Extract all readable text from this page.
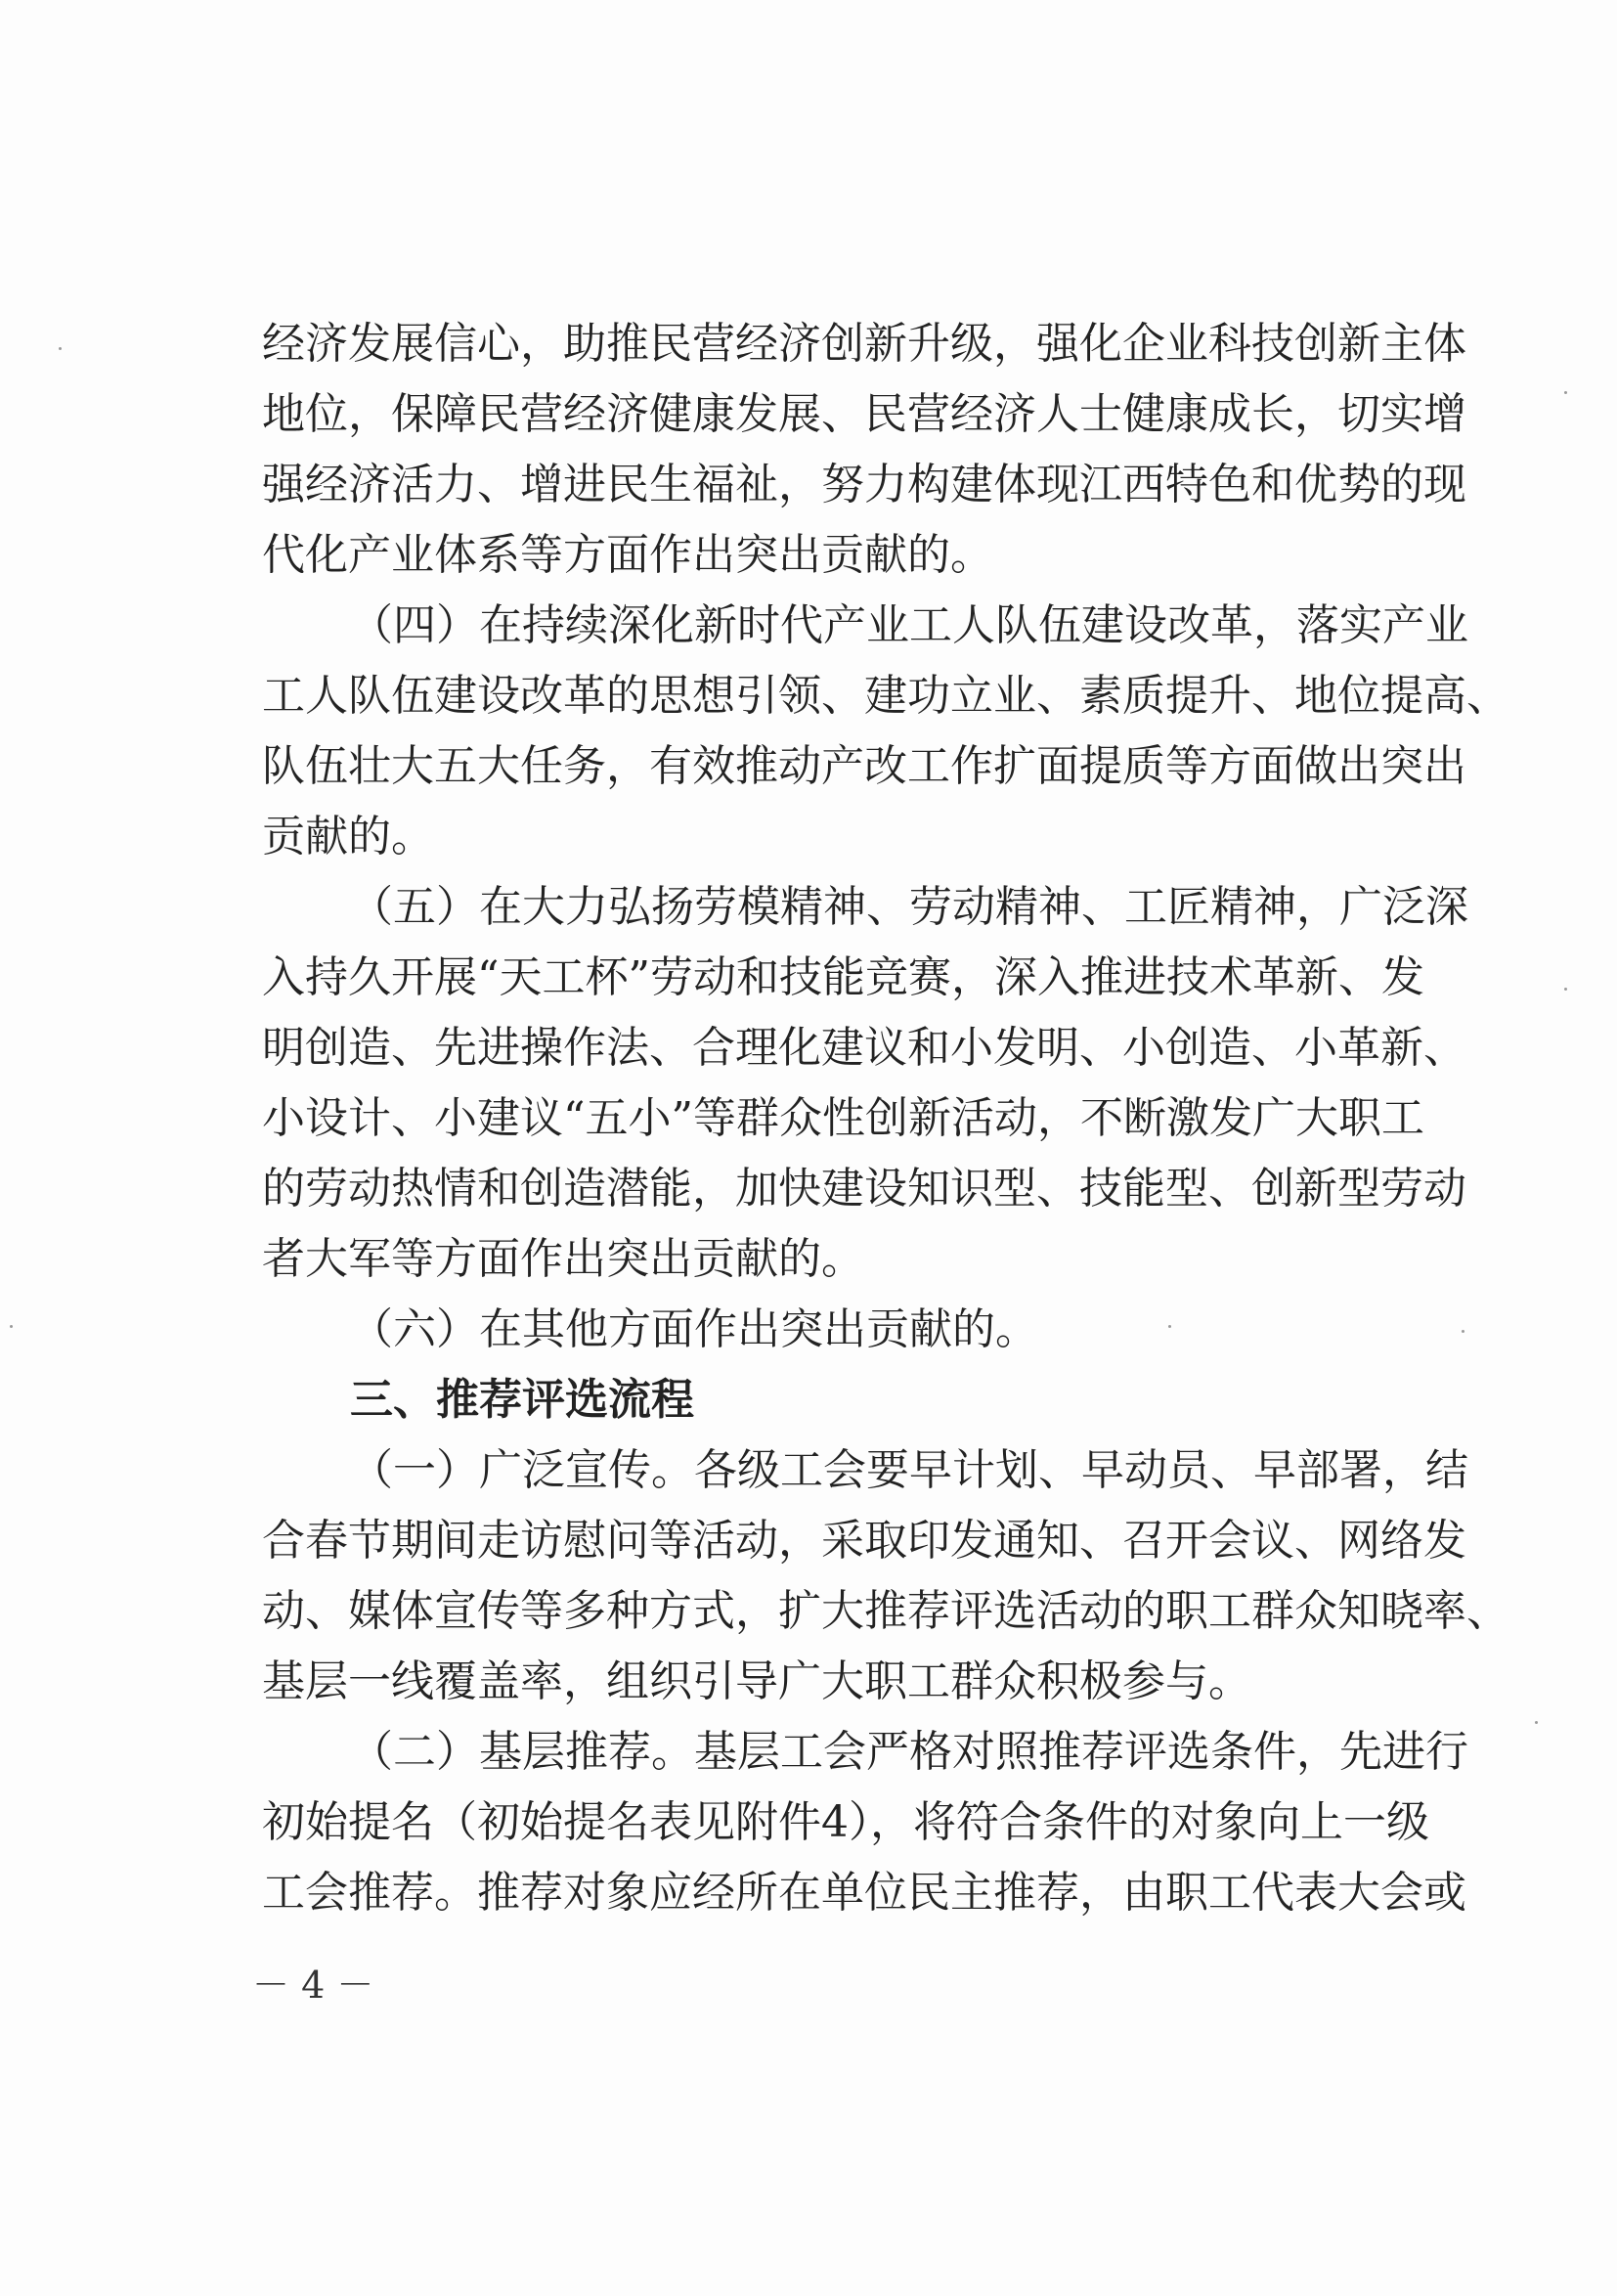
经济发展信心，助推民营经济创新升级，强化企业科技创新主体
地位，保障民营经济健康发展、民营经济人士健康成长，切实增
强经济活力、增进民生福祉，努力构建体现江西特色和优势的现
代化产业体系等方面作出突出贡献的。
（四）在持续深化新时代产业工人队伍建设改革，落实产业
工人队伍建设改革的思想引领、建功立业、素质提升、地位提高、
队伍壮大五大任务，有效推动产改工作扩面提质等方面做出突出
贡献的。
（五）在大力弘扬劳模精神、劳动精神、工匠精神，广泛深
入持久开展“天工杯”劳动和技能竞赛，深入推进技术革新、发
明创造、先进操作法、合理化建议和小发明、小创造、小革新、
小设计、小建议“五小”等群众性创新活动，不断激发广大职工
的劳动热情和创造潜能，加快建设知识型、技能型、创新型劳动
者大军等方面作出突出贡献的。
（六）在其他方面作出突出贡献的。
三、推荐评选流程
（一）广泛宣传。各级工会要早计划、早动员、早部署，结
合春节期间走访慰问等活动，采取印发通知、召开会议、网络发
动、媒体宣传等多种方式，扩大推荐评选活动的职工群众知晓率、
基层一线覆盖率，组织引导广大职工群众积极参与。
（二）基层推荐。基层工会严格对照推荐评选条件，先进行
初始提名（初始提名表见附件4），将符合条件的对象向上一级
工会推荐。推荐对象应经所在单位民主推荐，由职工代表大会或
－ 4 －
